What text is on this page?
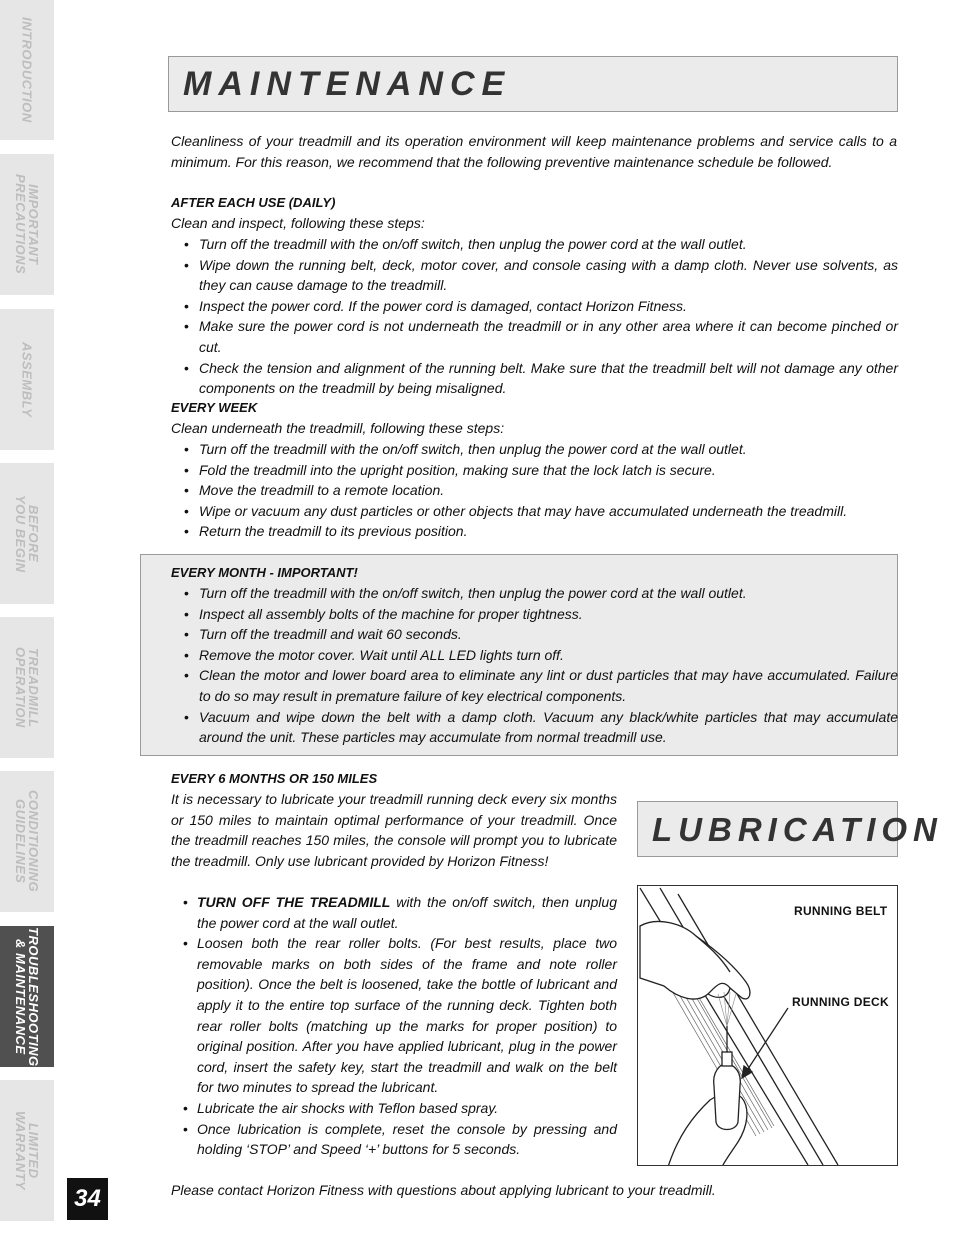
INTRODUCTION
IMPORTANT
PRECAUTIONS
ASSEMBLY
BEFORE
YOU BEGIN
TREADMILL
OPERATION
CONDITIONING
GUIDELINES
TROUBLESHOOTING
& MAINTENANCE
LIMITED
WARRANTY
34
MAINTENANCE

Cleanliness of your treadmill and its operation environment will keep maintenance problems and service calls to a minimum. For this reason, we recommend that the following preventive maintenance schedule be followed.

AFTER EACH USE (DAILY)
Clean and inspect, following these steps:
• Turn off the treadmill with the on/off switch, then unplug the power cord at the wall outlet.
• Wipe down the running belt, deck, motor cover, and console casing with a damp cloth. Never use solvents, as they can cause damage to the treadmill.
• Inspect the power cord. If the power cord is damaged, contact Horizon Fitness.
• Make sure the power cord is not underneath the treadmill or in any other area where it can become pinched or cut.
• Check the tension and alignment of the running belt. Make sure that the treadmill belt will not damage any other components on the treadmill by being misaligned.
EVERY WEEK
Clean underneath the treadmill, following these steps:
• Turn off the treadmill with the on/off switch, then unplug the power cord at the wall outlet.
• Fold the treadmill into the upright position, making sure that the lock latch is secure.
• Move the treadmill to a remote location.
• Wipe or vacuum any dust particles or other objects that may have accumulated underneath the treadmill.
• Return the treadmill to its previous position.
EVERY MONTH - IMPORTANT!
• Turn off the treadmill with the on/off switch, then unplug the power cord at the wall outlet.
• Inspect all assembly bolts of the machine for proper tightness.
• Turn off the treadmill and wait 60 seconds.
• Remove the motor cover. Wait until ALL LED lights turn off.
• Clean the motor and lower board area to eliminate any lint or dust particles that may have accumulated. Failure to do so may result in premature failure of key electrical components.
• Vacuum and wipe down the belt with a damp cloth. Vacuum any black/white particles that may accumulate around the unit. These particles may accumulate from normal treadmill use.
EVERY 6 MONTHS OR 150 MILES

It is necessary to lubricate your treadmill running deck every six months or 150 miles to maintain optimal performance of your treadmill. Once the treadmill reaches 150 miles, the console will prompt you to lubricate the treadmill. Only use lubricant provided by Horizon Fitness!

• TURN OFF THE TREADMILL with the on/off switch, then unplug the power cord at the wall outlet.
• Loosen both the rear roller bolts. (For best results, place two removable marks on both sides of the frame and note roller position). Once the belt is loosened, take the bottle of lubricant and apply it to the entire top surface of the running deck. Tighten both rear roller bolts (matching up the marks for proper position) to original position. After you have applied lubricant, plug in the power cord, insert the safety key, start the treadmill and walk on the belt for two minutes to spread the lubricant.
• Lubricate the air shocks with Teflon based spray.
• Once lubrication is complete, reset the console by pressing and holding ‘STOP’ and Speed ‘+’ buttons for 5 seconds.
LUBRICATION
RUNNING BELT
RUNNING DECK
Please contact Horizon Fitness with questions about applying lubricant to your treadmill.
